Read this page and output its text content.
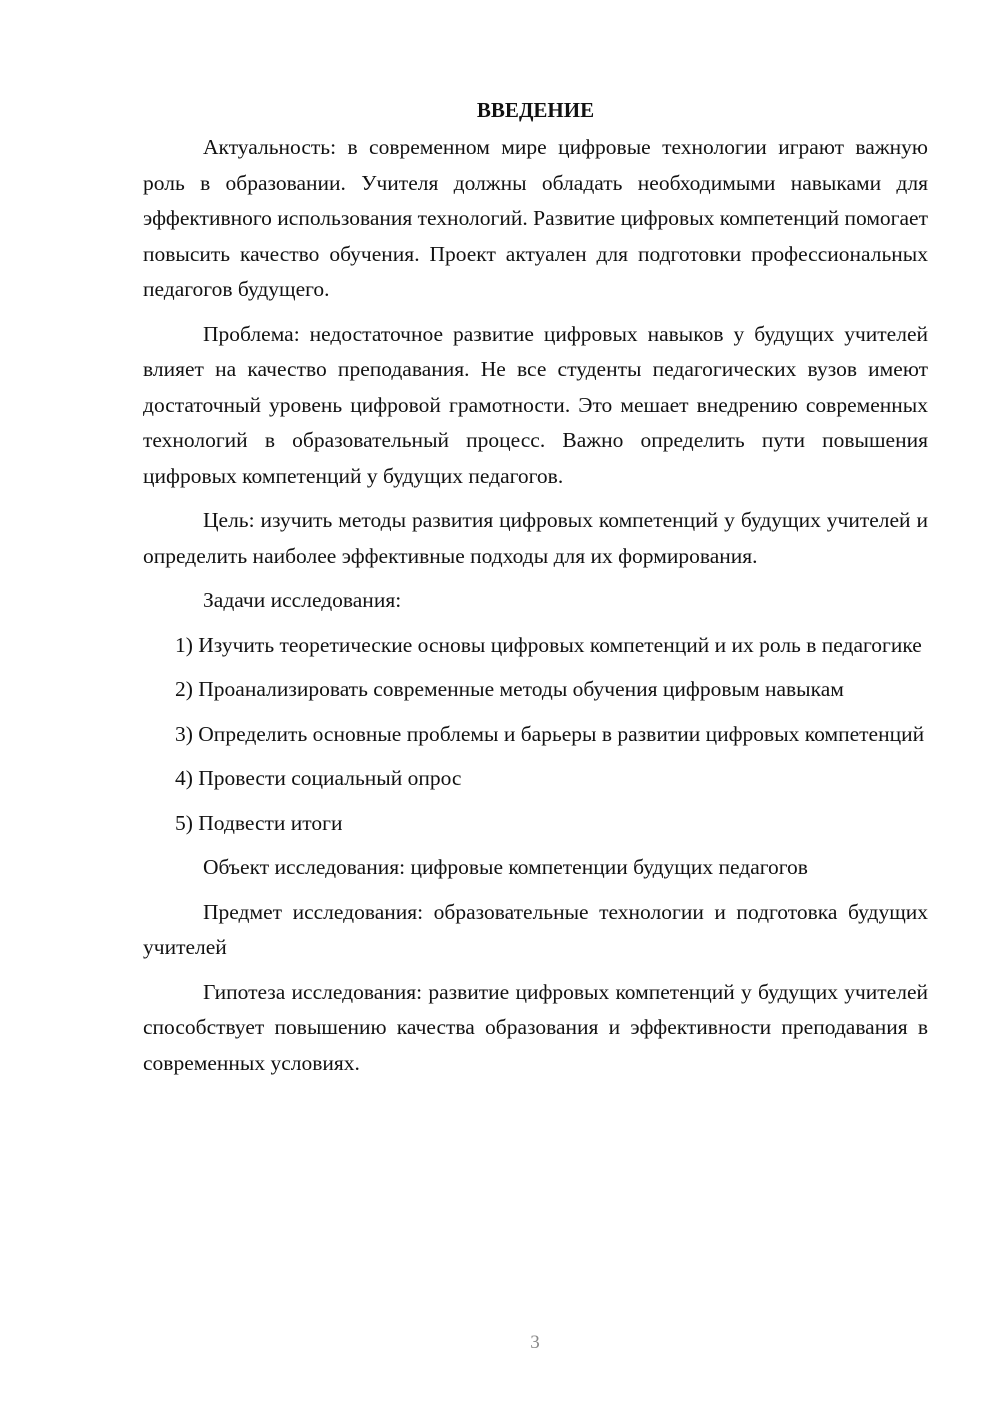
ВВЕДЕНИЕ

Актуальность: в современном мире цифровые технологии играют важную роль в образовании. Учителя должны обладать необходимыми навыками для эффективного использования технологий. Развитие цифровых компетенций помогает повысить качество обучения. Проект актуален для подготовки профессиональных педагогов будущего.

Проблема: недостаточное развитие цифровых навыков у будущих учителей влияет на качество преподавания. Не все студенты педагогических вузов имеют достаточный уровень цифровой грамотности. Это мешает внедрению современных технологий в образовательный процесс. Важно определить пути повышения цифровых компетенций у будущих педагогов.

Цель: изучить методы развития цифровых компетенций у будущих учителей и определить наиболее эффективные подходы для их формирования.

Задачи исследования:

1) Изучить теоретические основы цифровых компетенций и их роль в педагогике

2) Проанализировать современные методы обучения цифровым навыкам

3) Определить основные проблемы и барьеры в развитии цифровых компетенций

4) Провести социальный опрос

5) Подвести итоги

Объект исследования: цифровые компетенции будущих педагогов

Предмет исследования: образовательные технологии и подготовка будущих учителей

Гипотеза исследования: развитие цифровых компетенций у будущих учителей способствует повышению качества образования и эффективности преподавания в современных условиях.

3
